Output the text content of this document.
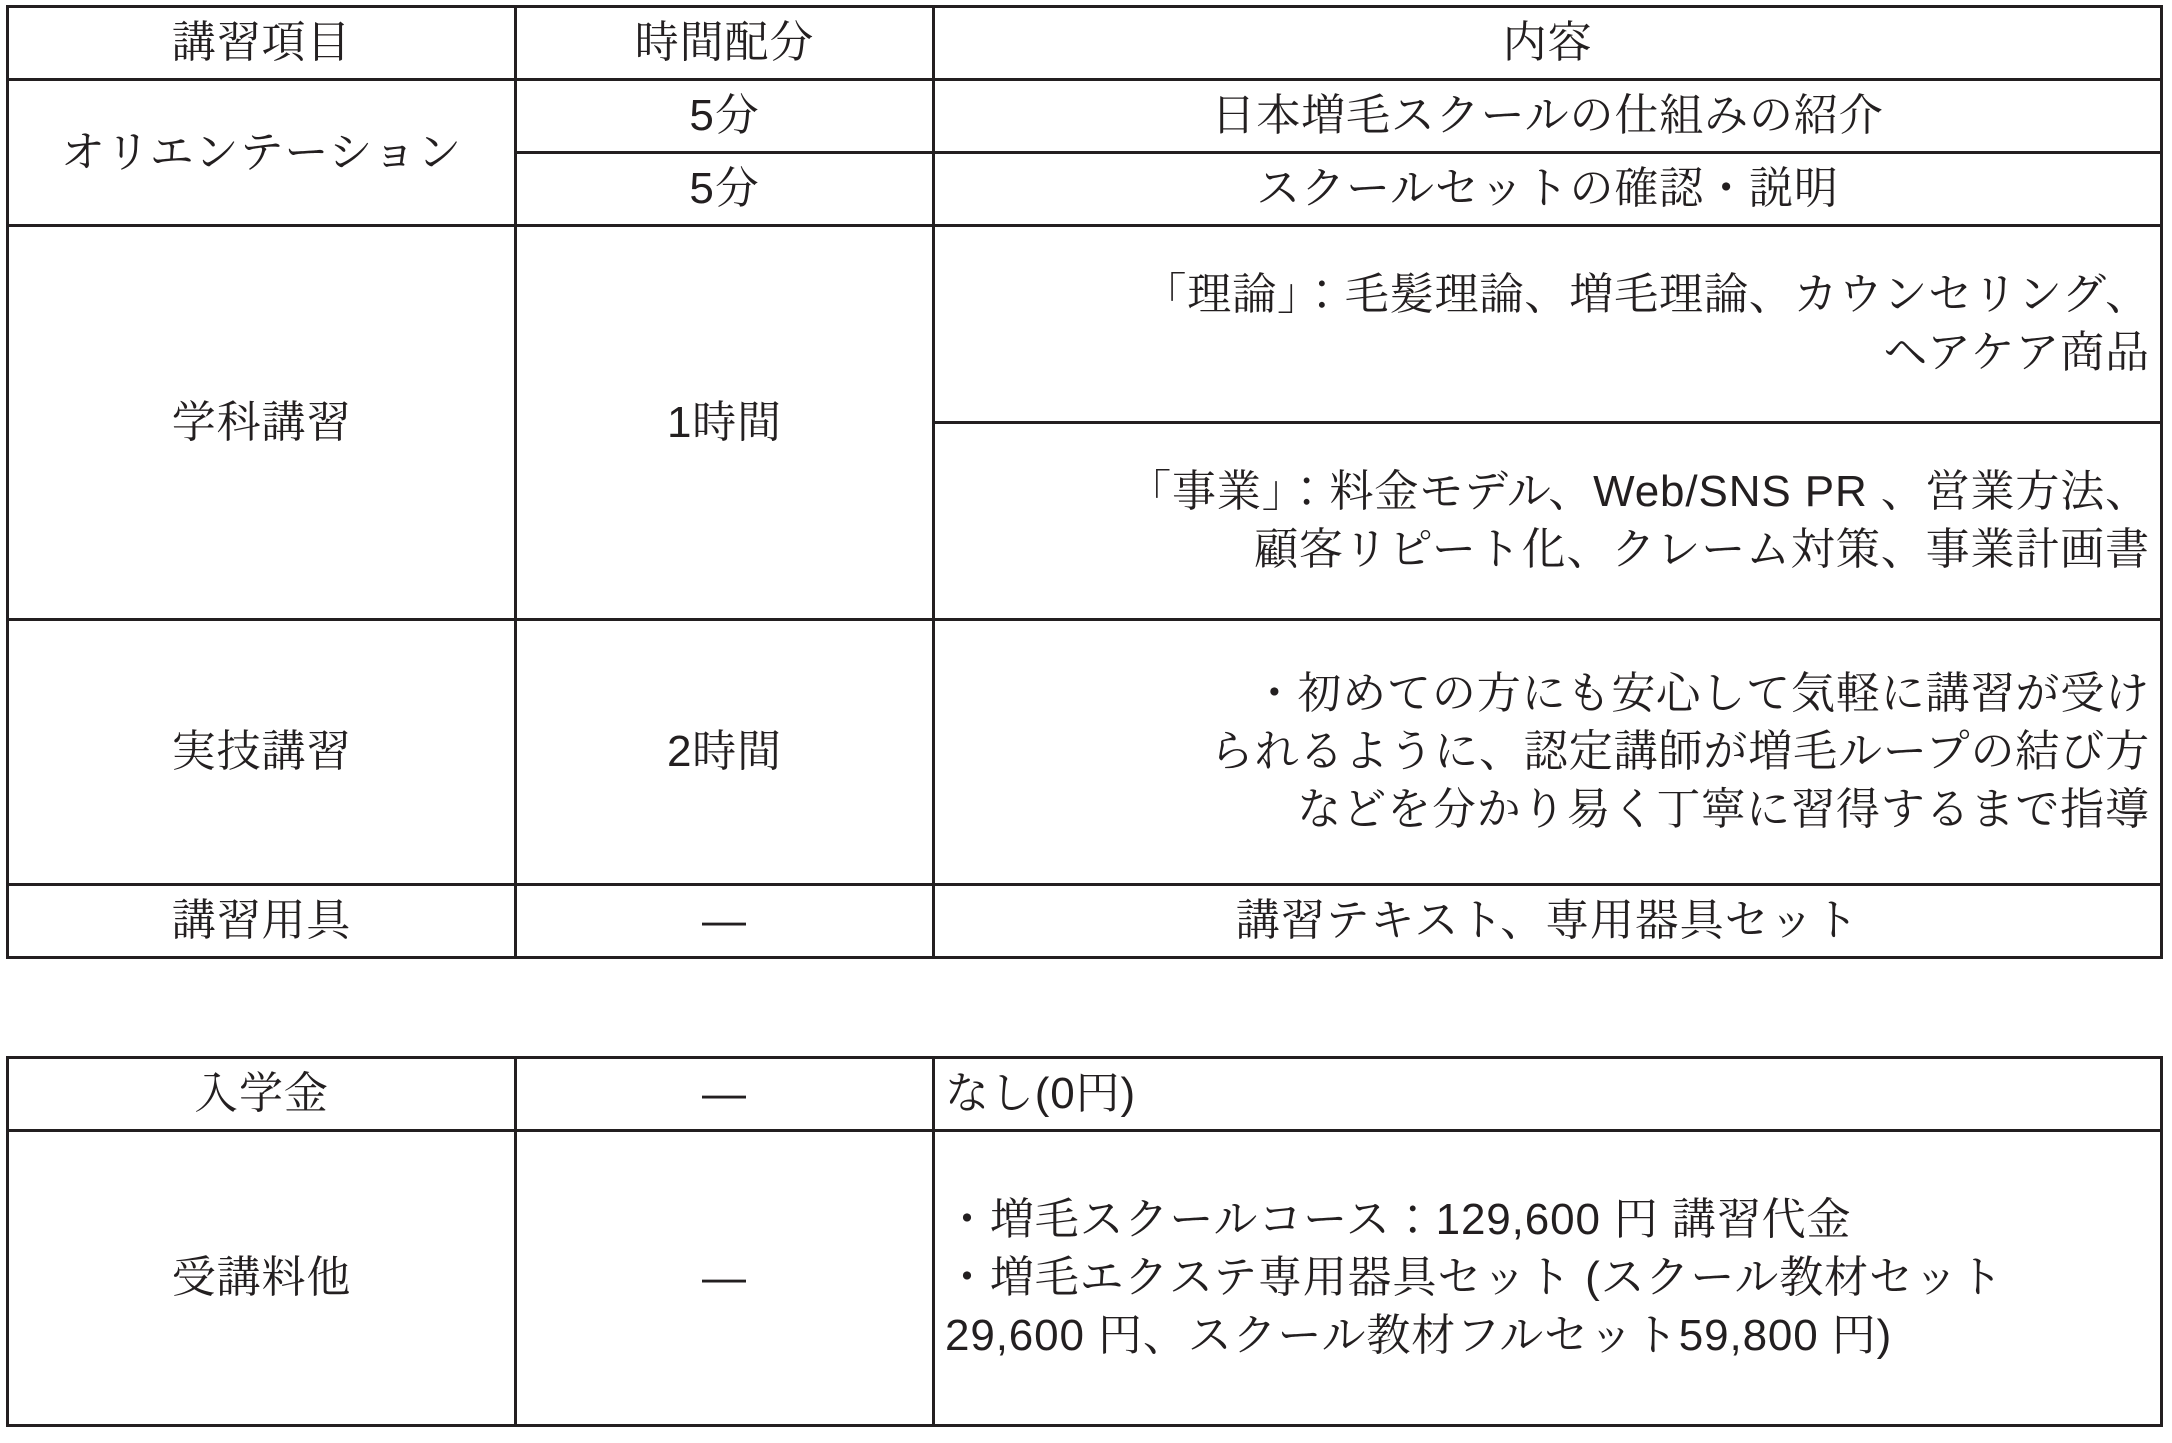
講習項目	時間配分	内容
オリエンテーション	5分	日本増毛スクールの仕組みの紹介
	5分	スクールセットの確認・説明
学科講習	1時間	「理論」：毛髪理論、増毛理論、カウンセリング、
ヘアケア商品

		「事業」：料金モデル、Web/SNS PR 、営業方法、
顧客リピート化、クレーム対策、事業計画書

実技講習	2時間	・初めての方にも安心して気軽に講習が受け
られるように、認定講師が増毛ループの結び方
などを分かり易く丁寧に習得するまで指導

講習用具	—	講習テキスト、専用器具セット
入学金	—	なし(0円)
受講料他	—	・増毛スクールコース：129,600 円 講習代金
・増毛エクステ専用器具セット (スクール教材セット
29,600 円、スクール教材フルセット59,800 円)
